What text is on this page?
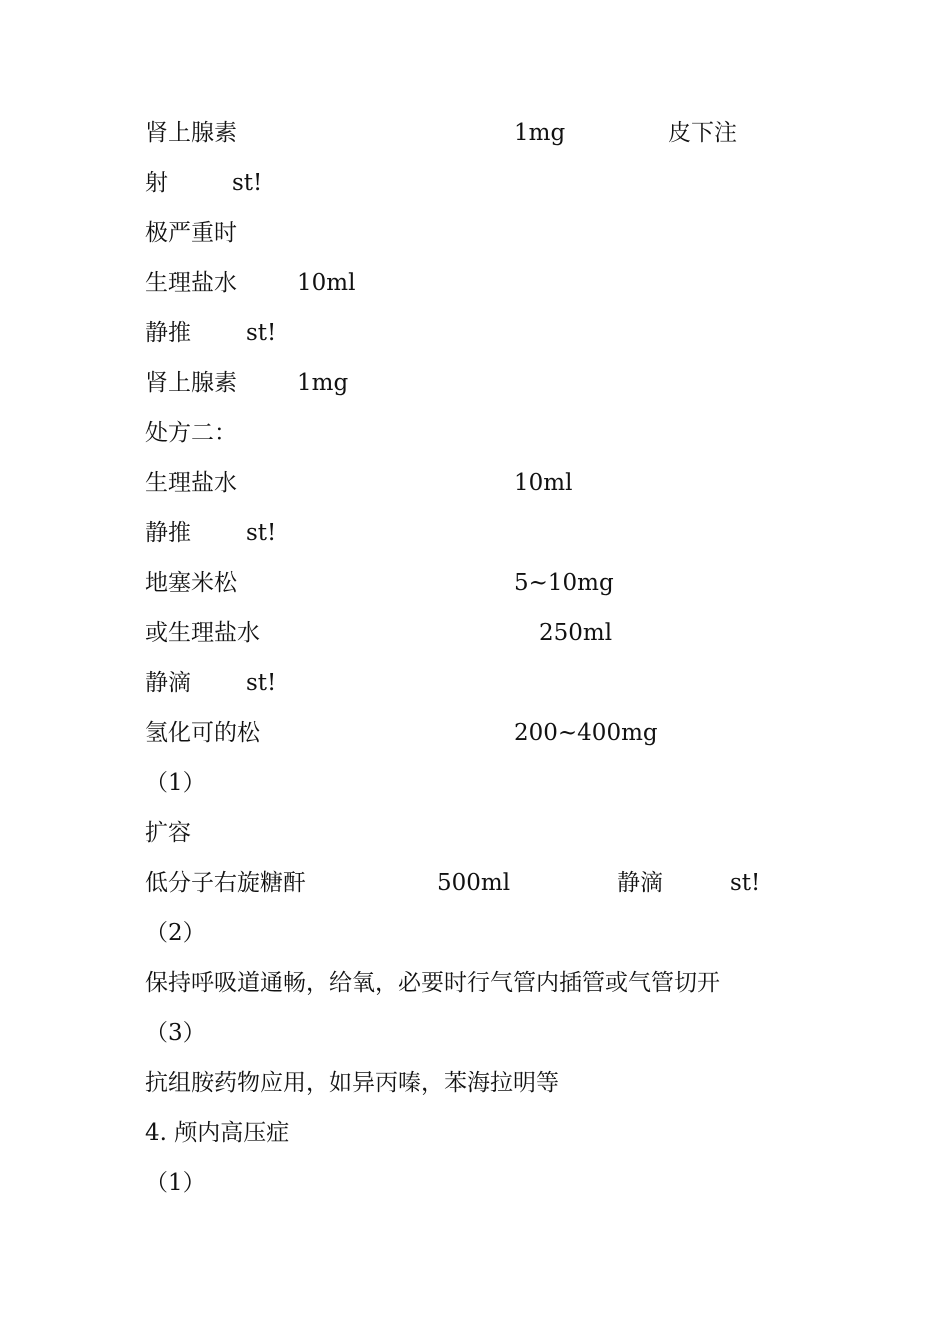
肾上腺素	1mg	皮下注
射	st!
极严重时
生理盐水	10ml
静推 st!
肾上腺素	1mg
处方二：
生理盐水	10ml
静推 st!
地塞米松	5~10mg
或生理盐水	250ml
静滴 st!
氢化可的松	200~400mg
（1）
扩容
低分子右旋糖酐	500ml	静滴	st!
（2）
保持呼吸道通畅，给氧，必要时行气管内插管或气管切开
（3）
抗组胺药物应用，如异丙嗪，苯海拉明等
4. 颅内高压症
（1）
